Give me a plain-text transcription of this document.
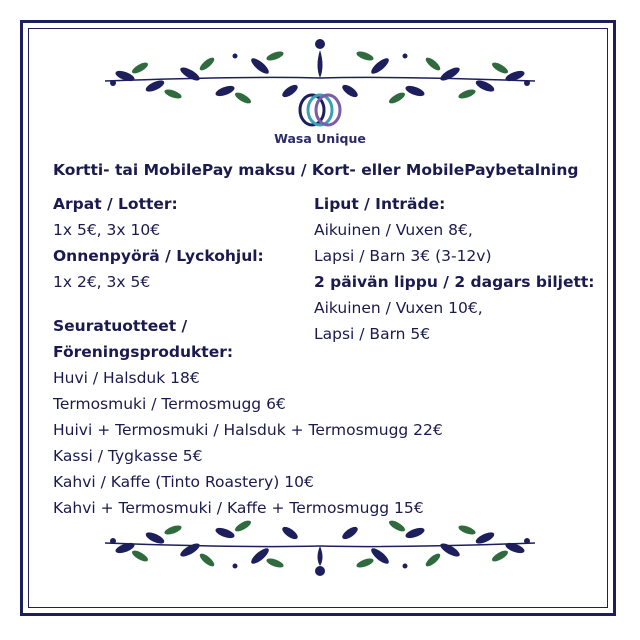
Wasa Unique
Kortti- tai MobilePay maksu / Kort- eller MobilePaybetalning
Arpat / Lotter:
1x 5€, 3x 10€
Onnenpyörä / Lyckohjul:
1x 2€, 3x 5€
Liput / Inträde:
Aikuinen / Vuxen 8€,
Lapsi / Barn 3€ (3-12v)
2 päivän lippu / 2 dagars biljett:
Aikuinen / Vuxen 10€,
Lapsi / Barn 5€
Seuratuotteet /
Föreningsprodukter:
Huvi / Halsduk 18€
Termosmuki / Termosmugg 6€
Huivi + Termosmuki / Halsduk + Termosmugg 22€
Kassi / Tygkasse 5€
Kahvi / Kaffe (Tinto Roastery) 10€
Kahvi + Termosmuki / Kaffe + Termosmugg 15€
